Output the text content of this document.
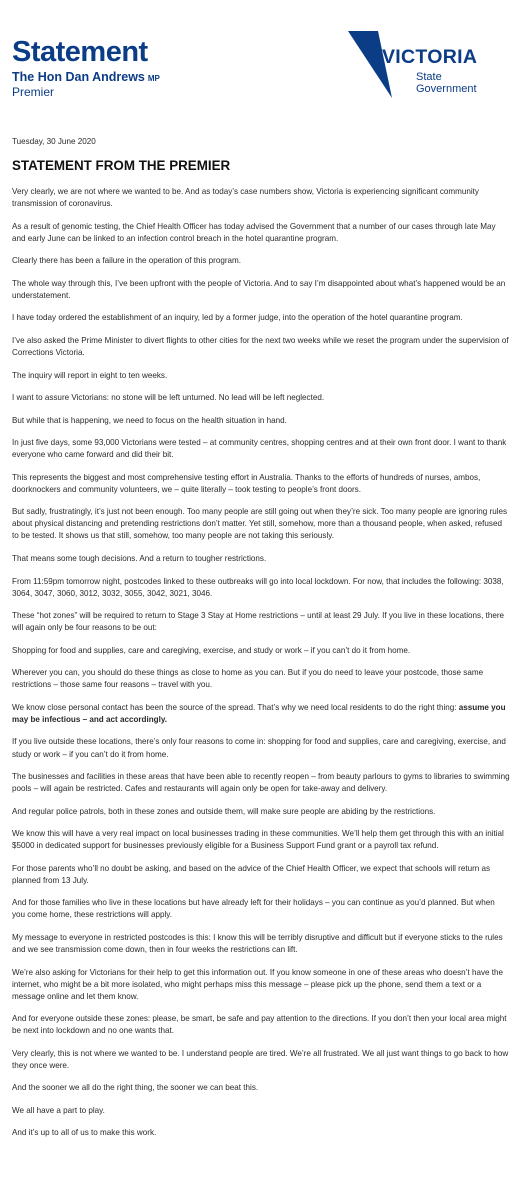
Statement
The Hon Dan Andrews MP
Premier
VICTORIA
State
Government
Tuesday, 30 June 2020
STATEMENT FROM THE PREMIER

Very clearly, we are not where we wanted to be. And as today’s case numbers show, Victoria is experiencing significant community transmission of coronavirus.

As a result of genomic testing, the Chief Health Officer has today advised the Government that a number of our cases through late May and early June can be linked to an infection control breach in the hotel quarantine program.

Clearly there has been a failure in the operation of this program.

The whole way through this, I’ve been upfront with the people of Victoria. And to say I’m disappointed about what’s happened would be an understatement.

I have today ordered the establishment of an inquiry, led by a former judge, into the operation of the hotel quarantine program.

I’ve also asked the Prime Minister to divert flights to other cities for the next two weeks while we reset the program under the supervision of Corrections Victoria.

The inquiry will report in eight to ten weeks.

I want to assure Victorians: no stone will be left unturned. No lead will be left neglected.

But while that is happening, we need to focus on the health situation in hand.

In just five days, some 93,000 Victorians were tested – at community centres, shopping centres and at their own front door. I want to thank everyone who came forward and did their bit.

This represents the biggest and most comprehensive testing effort in Australia. Thanks to the efforts of hundreds of nurses, ambos, doorknockers and community volunteers, we – quite literally – took testing to people’s front doors.

But sadly, frustratingly, it’s just not been enough. Too many people are still going out when they’re sick. Too many people are ignoring rules about physical distancing and pretending restrictions don’t matter. Yet still, somehow, more than a thousand people, when asked, refused to be tested. It shows us that still, somehow, too many people are not taking this seriously.

That means some tough decisions. And a return to tougher restrictions.

From 11:59pm tomorrow night, postcodes linked to these outbreaks will go into local lockdown. For now, that includes the following: 3038, 3064, 3047, 3060, 3012, 3032, 3055, 3042, 3021, 3046.

These “hot zones” will be required to return to Stage 3 Stay at Home restrictions – until at least 29 July. If you live in these locations, there will again only be four reasons to be out:

Shopping for food and supplies, care and caregiving, exercise, and study or work – if you can’t do it from home.

Wherever you can, you should do these things as close to home as you can. But if you do need to leave your postcode, those same restrictions – those same four reasons – travel with you.

We know close personal contact has been the source of the spread. That’s why we need local residents to do the right thing: assume you may be infectious – and act accordingly.

If you live outside these locations, there’s only four reasons to come in: shopping for food and supplies, care and caregiving, exercise, and study or work – if you can’t do it from home.

The businesses and facilities in these areas that have been able to recently reopen – from beauty parlours to gyms to libraries to swimming pools – will again be restricted. Cafes and restaurants will again only be open for take-away and delivery.

And regular police patrols, both in these zones and outside them, will make sure people are abiding by the restrictions.

We know this will have a very real impact on local businesses trading in these communities. We’ll help them get through this with an initial $5000 in dedicated support for businesses previously eligible for a Business Support Fund grant or a payroll tax refund.

For those parents who’ll no doubt be asking, and based on the advice of the Chief Health Officer, we expect that schools will return as planned from 13 July.

And for those families who live in these locations but have already left for their holidays – you can continue as you’d planned. But when you come home, these restrictions will apply.

My message to everyone in restricted postcodes is this: I know this will be terribly disruptive and difficult but if everyone sticks to the rules and we see transmission come down, then in four weeks the restrictions can lift.

We’re also asking for Victorians for their help to get this information out. If you know someone in one of these areas who doesn’t have the internet, who might be a bit more isolated, who might perhaps miss this message – please pick up the phone, send them a text or a message online and let them know.

And for everyone outside these zones: please, be smart, be safe and pay attention to the directions. If you don’t then your local area might be next into lockdown and no one wants that.

Very clearly, this is not where we wanted to be. I understand people are tired. We’re all frustrated. We all just want things to go back to how they once were.

And the sooner we all do the right thing, the sooner we can beat this.

We all have a part to play.

And it’s up to all of us to make this work.
